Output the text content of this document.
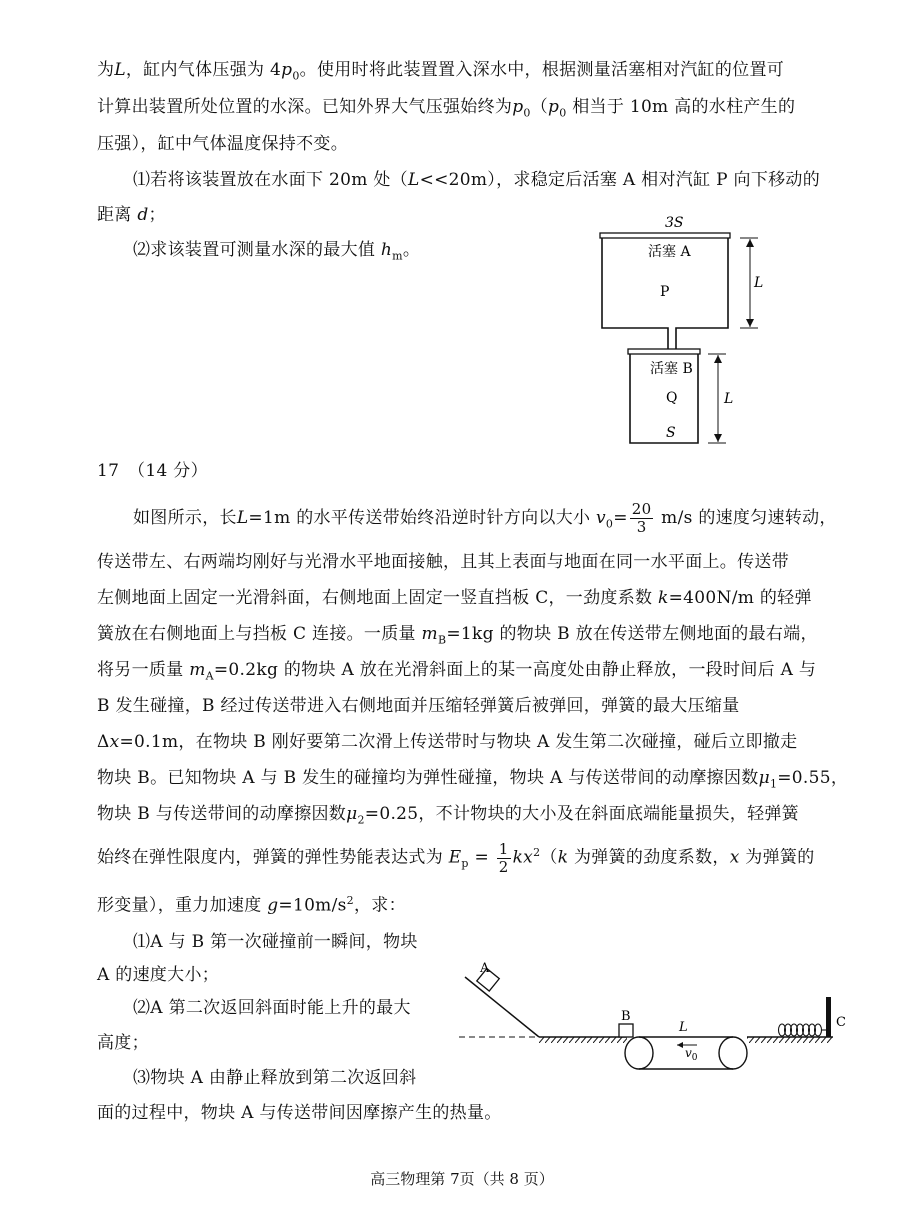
为L，缸内气体压强为 $4p_0$。使用时将此装置置入深水中，根据测量活塞相对汽缸的位置可
计算出装置所处位置的水深。已知外界大气压强始终为$p_0(p_0$ 相当于 10m 高的水柱产生的
压强），缸中气体温度保持不变。
⑴若将该装置放在水面下 20m 处（L<<20m），求稳定后活塞 A 相对汽缸 P 向下移动的
距离 d；
⑵求该装置可测量水深的最大值 $h_m$。
3S
活塞 A
P
L
活塞 B
Q
S
L
17　（14 分）
如图所示，长L=1m 的水平传送带始终沿逆时针方向以大小 $v_0= \frac{20}{3} m/s$ 的速度匀速转动，
传送带左、右两端均刚好与光滑水平地面接触，且其上表面与地面在同一水平面上。传送带
左侧地面上固定一光滑斜面，右侧地面上固定一竖直挡板 C，一劲度系数 k=400N/m 的轻弹
簧放在右侧地面上与挡板 C 连接。一质量 $m_B=1kg$ 的物块 B 放在传送带左侧地面的最右端，
将另一质量 $m_A=0.2kg$ 的物块 A 放在光滑斜面上的某一高度处由静止释放，一段时间后 A 与
B 发生碰撞，B 经过传送带进入右侧地面并压缩轻弹簧后被弹回，弹簧的最大压缩量
Δx=0.1m，在物块 B 刚好要第二次滑上传送带时与物块 A 发生第二次碰撞，碰后立即撤走
物块 B。已知物块 A 与 B 发生的碰撞均为弹性碰撞，物块 A 与传送带间的动摩擦因数$\mu_1=0.55$，
物块 B 与传送带间的动摩擦因数$\mu_2=0.25$，不计物块的大小及在斜面底端能量损失，轻弹簧
始终在弹性限度内，弹簧的弹性势能表达式为 $E_p = \frac{1}{2} kx^2(k$ 为弹簧的劲度系数，x 为弹簧的
形变量），重力加速度 $g=10m/s^2$，求：
⑴A 与 B 第一次碰撞前一瞬间，物块
A 的速度大小；
⑵A 第二次返回斜面时能上升的最大
高度；
⑶物块 A 由静止释放到第二次返回斜
面的过程中，物块 A 与传送带间因摩擦产生的热量。
A
B
L
$v_0$
C
高三物理第 7页（共 8 页）
